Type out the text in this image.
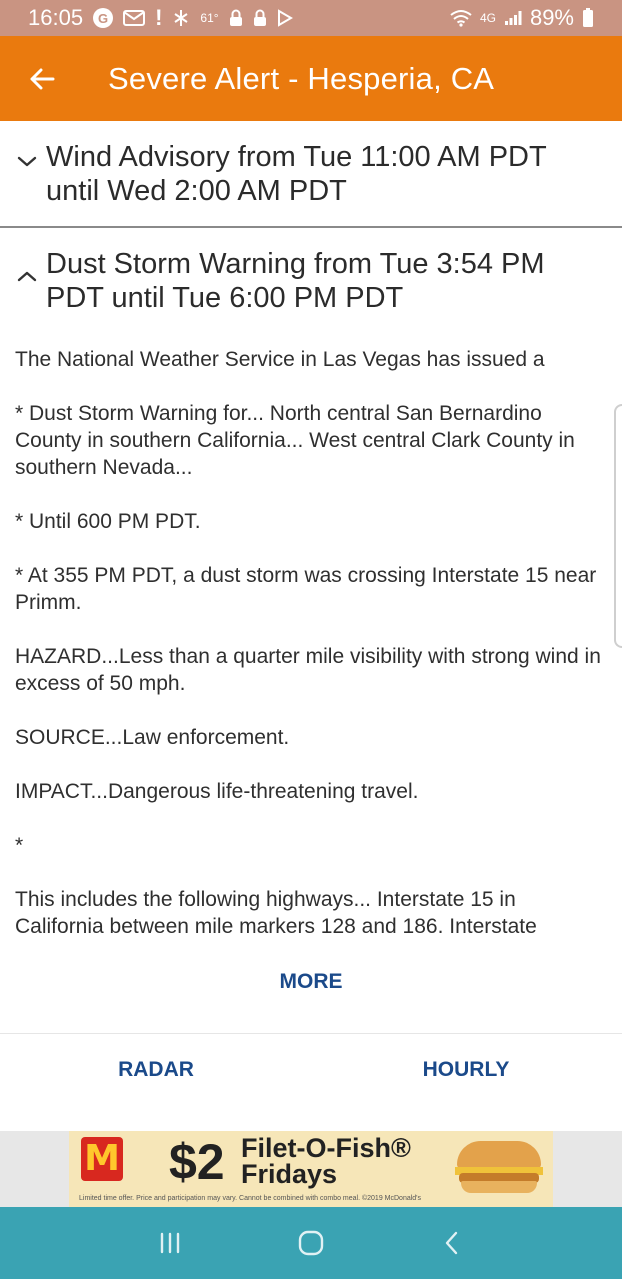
16:05	G !	61°	4G 89%
Severe Alert - Hesperia, CA
Wind Advisory from Tue 11:00 AM PDT until Wed 2:00 AM PDT
Dust Storm Warning from Tue 3:54 PM PDT until Tue 6:00 PM PDT

The National Weather Service in Las Vegas has issued a

* Dust Storm Warning for... North central San Bernardino County in southern California... West central Clark County in southern Nevada...

* Until 600 PM PDT.

* At 355 PM PDT, a dust storm was crossing Interstate 15 near Primm.

HAZARD...Less than a quarter mile visibility with strong wind in excess of 50 mph.

SOURCE...Law enforcement.

IMPACT...Dangerous life-threatening travel.

*

This includes the following highways... Interstate 15 in California between mile markers 128 and 186. Interstate

MORE
RADAR	HOURLY
M $2 Filet-O-Fish®
Fridays
Limited time offer. Price and participation may vary. Cannot be combined with combo meal. ©2019 McDonald's
